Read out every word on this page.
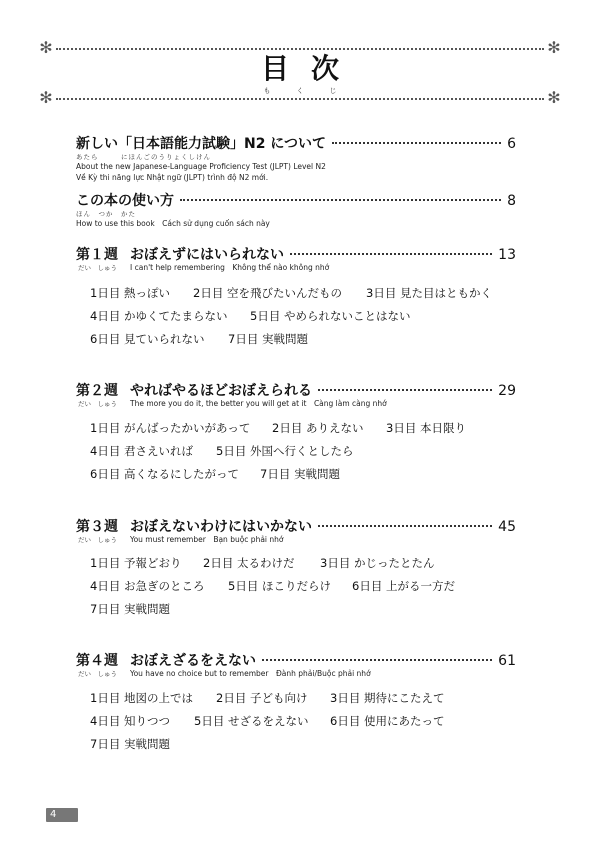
✻	✻
✻	✻
目次
もくじ
新しい「日本語能力試験」N2 について	6
あたら　　　にほんごのうりょくしけん
About the new Japanese-Language Proficiency Test (JLPT) Level N2
Về Kỳ thi năng lực Nhật ngữ (JLPT) trình độ N2 mới.
この本の使い方	8
ほん　つか　かた
How to use this book　Cách sử dụng cuốn sách này
第１週 おぼえずにはいられない	13
だい　しゅう	I can't help remembering　Không thể nào không nhớ
1日目 熱っぽい 2日目 空を飛びたいんだもの 3日目 見た目はともかく
4日目 かゆくてたまらない 5日目 やめられないことはない
6日目 見ていられない 7日目 実戦問題
第２週 やればやるほどおぼえられる	29
だい　しゅう	The more you do it, the better you will get at it　Càng làm càng nhớ
1日目 がんばったかいがあって 2日目 ありえない 3日目 本日限り
4日目 君さえいれば 5日目 外国へ行くとしたら
6日目 高くなるにしたがって 7日目 実戦問題
第３週 おぼえないわけにはいかない	45
だい　しゅう	You must remember　Bạn buộc phải nhớ
1日目 予報どおり 2日目 太るわけだ 3日目 かじったとたん
4日目 お急ぎのところ 5日目 ほこりだらけ 6日目 上がる一方だ
7日目 実戦問題
第４週 おぼえざるをえない	61
だい　しゅう	You have no choice but to remember　Đành phải/Buộc phải nhớ
1日目 地図の上では 2日目 子ども向け 3日目 期待にこたえて
4日目 知りつつ 5日目 せざるをえない 6日目 使用にあたって
7日目 実戦問題
4
